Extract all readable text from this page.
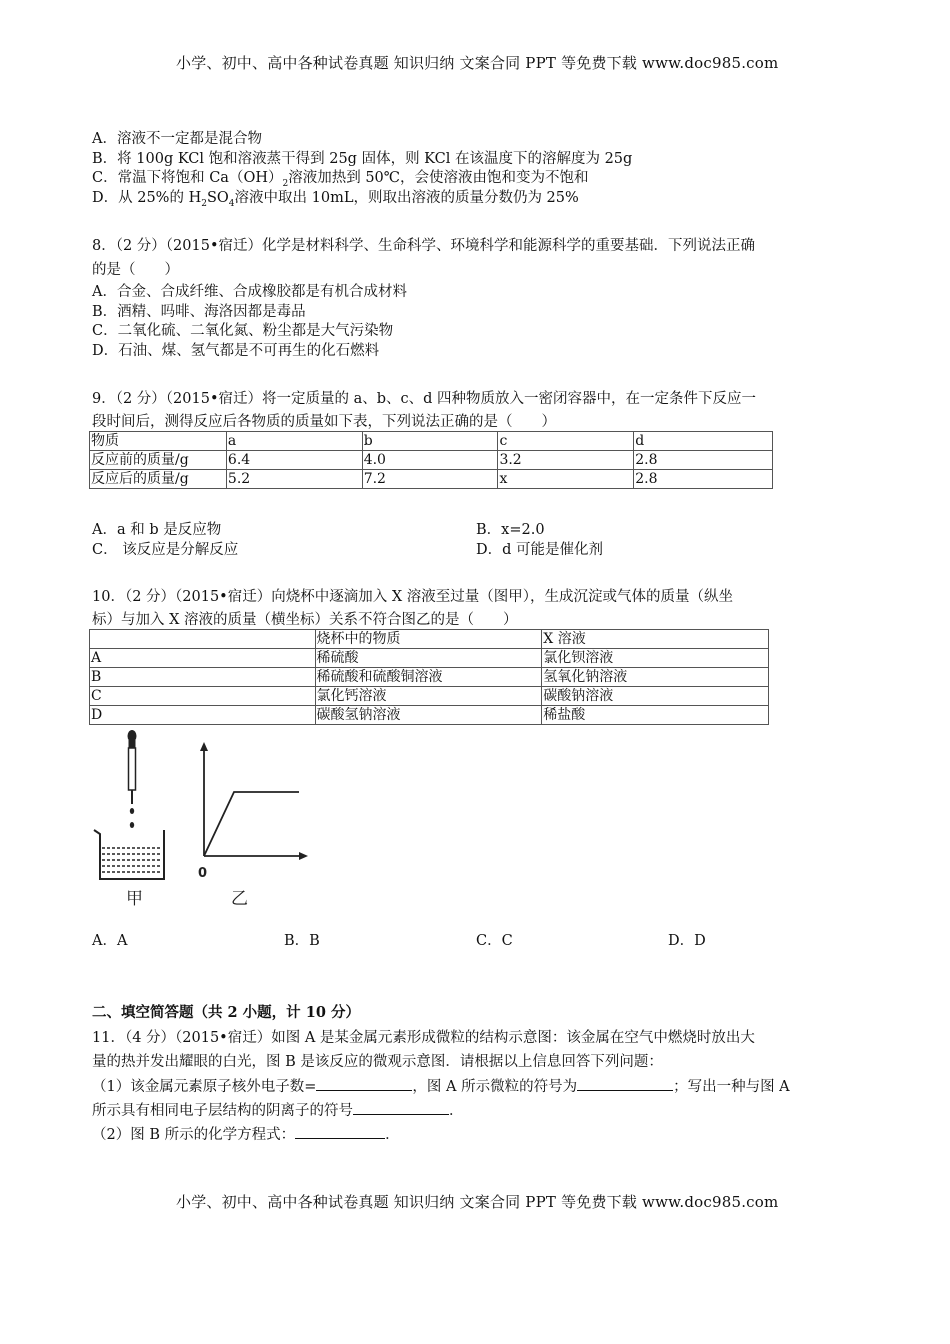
小学、初中、高中各种试卷真题 知识归纳 文案合同 PPT 等免费下载 www.doc985.com
A．溶液不一定都是混合物
B．将 100g KCl 饱和溶液蒸干得到 25g 固体，则 KCl 在该温度下的溶解度为 25g
C．常温下将饱和 $Ca(OH)_2$溶液加热到 50℃，会使溶液由饱和变为不饱和
D．从 25%的 $H_2SO_4$溶液中取出 10mL，则取出溶液的质量分数仍为 25%
8．（2 分）（2015•宿迁）化学是材料科学、生命科学、环境科学和能源科学的重要基础．下列说法正确
的是（　　）
A．合金、合成纤维、合成橡胶都是有机合成材料
B．酒精、吗啡、海洛因都是毒品
C．二氧化硫、二氧化氮、粉尘都是大气污染物
D．石油、煤、氢气都是不可再生的化石燃料
9．（2 分）（2015•宿迁）将一定质量的 a、b、c、d 四种物质放入一密闭容器中，在一定条件下反应一
段时间后，测得反应后各物质的质量如下表，下列说法正确的是（　　）
物质	a	b	c	d
反应前的质量/g	6.4	4.0	3.2	2.8
反应后的质量/g	5.2	7.2	x	2.8
A．a 和 b 是反应物	B．x=2.0
C． 该反应是分解反应	D．d 可能是催化剂
10．（2 分）（2015•宿迁）向烧杯中逐滴加入 X 溶液至过量（图甲），生成沉淀或气体的质量（纵坐
标）与加入 X 溶液的质量（横坐标）关系不符合图乙的是（　　）
	烧杯中的物质	X 溶液
A	稀硫酸	氯化钡溶液
B	稀硫酸和硫酸铜溶液	氢氧化钠溶液
C	氯化钙溶液	碳酸钠溶液
D	碳酸氢钠溶液	稀盐酸
0
甲	乙
A．A	B．B	C．C	D．D
二、填空简答题（共 2 小题，计 10 分）
11．（4 分）（2015•宿迁）如图 A 是某金属元素形成微粒的结构示意图：该金属在空气中燃烧时放出大
量的热并发出耀眼的白光，图 B 是该反应的微观示意图．请根据以上信息回答下列问题：
（1）该金属元素原子核外电子数=	，图 A 所示微粒的符号为	；写出一种与图 A
所示具有相同电子层结构的阴离子的符号	．
（2）图 B 所示的化学方程式：	．
小学、初中、高中各种试卷真题 知识归纳 文案合同 PPT 等免费下载 www.doc985.com
